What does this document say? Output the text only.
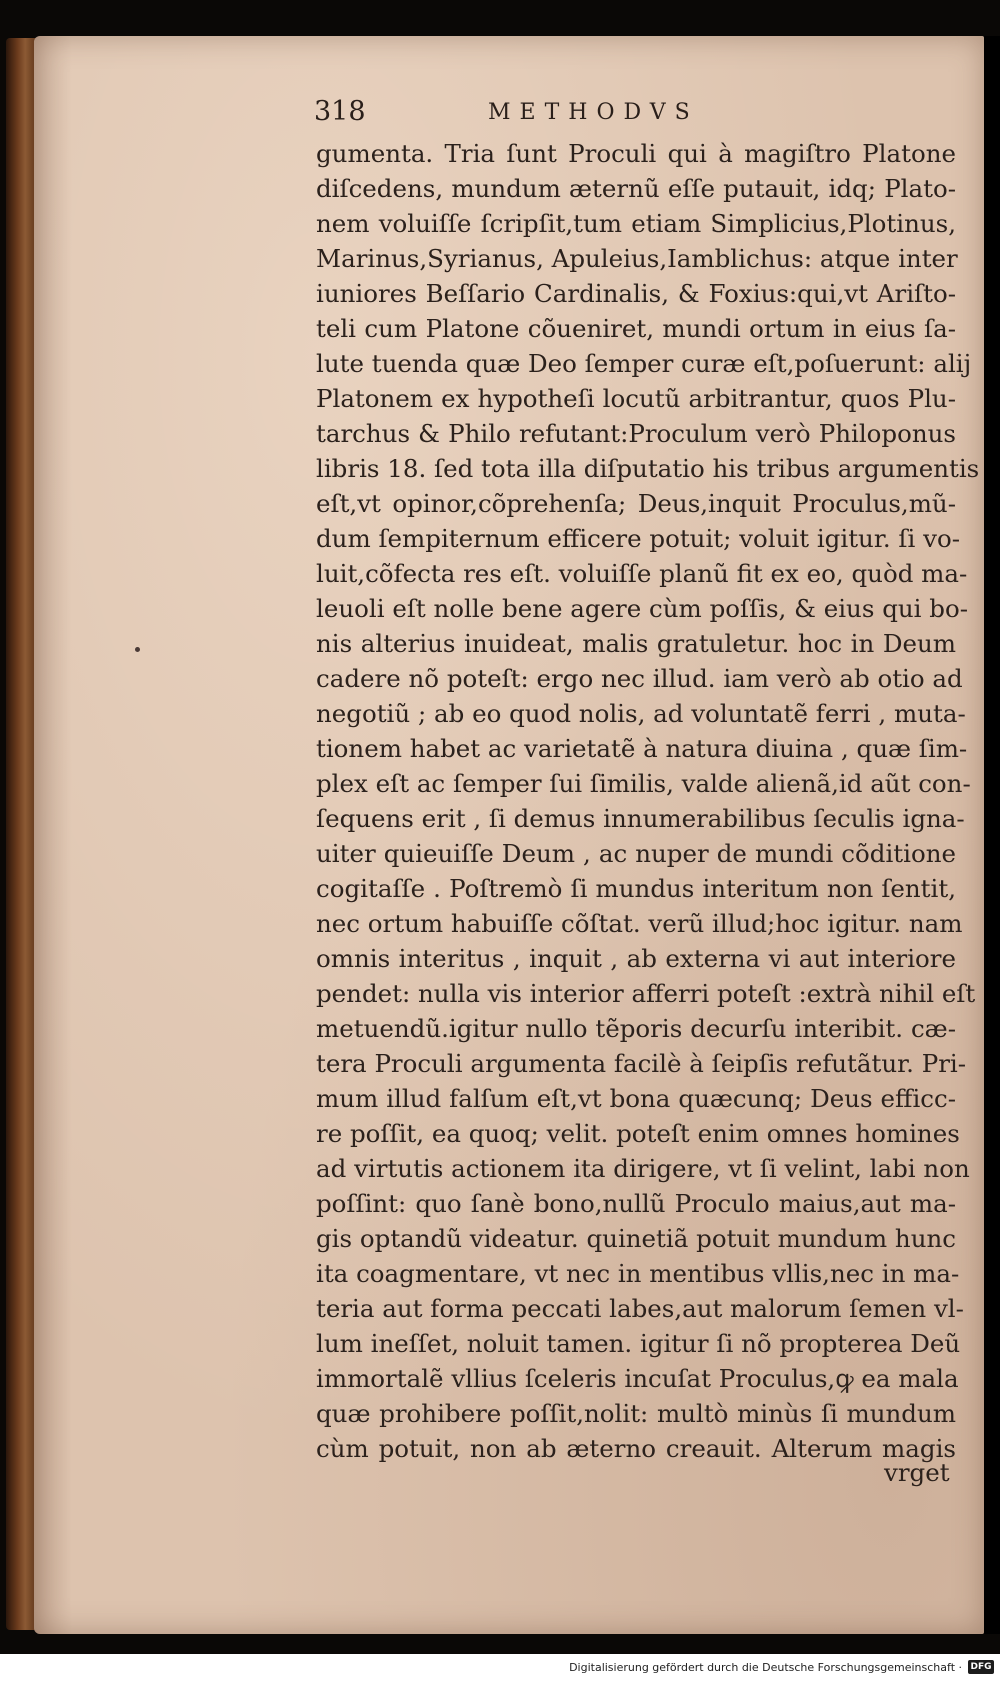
318	METHODVS
gumenta. Tria ſunt Proculi qui à magiſtro Platone
diſcedens, mundum æternũ eſſe putauit, idq; Plato-
nem voluiſſe ſcripſit,tum etiam Simplicius,Plotinus,
Marinus,Syrianus, Apuleius,Iamblichus: atque inter
iuniores Beſſario Cardinalis, & Foxius:qui,vt Ariſto-
teli cum Platone cõueniret, mundi ortum in eius ſa-
lute tuenda quæ Deo ſemper curæ eſt,poſuerunt: alij
Platonem ex hypotheſi locutũ arbitrantur, quos Plu-
tarchus & Philo refutant:Proculum verò Philoponus
libris 18. ſed tota illa diſputatio his tribus argumentis
eſt,vt opinor,cõprehenſa; Deus,inquit Proculus,mũ-
dum ſempiternum efficere potuit; voluit igitur. ſi vo-
luit,cõfecta res eſt. voluiſſe planũ fit ex eo, quòd ma-
leuoli eſt nolle bene agere cùm poſſis, & eius qui bo-
nis alterius inuideat, malis gratuletur. hoc in Deum
cadere nõ poteſt: ergo nec illud. iam verò ab otio ad
negotiũ ; ab eo quod nolis, ad voluntatẽ ferri , muta-
tionem habet ac varietatẽ à natura diuina , quæ ſim-
plex eſt ac ſemper ſui ſimilis, valde alienã,id aũt con-
ſequens erit , ſi demus innumerabilibus ſeculis igna-
uiter quieuiſſe Deum , ac nuper de mundi cõditione
cogitaſſe . Poſtremò ſi mundus interitum non ſentit,
nec ortum habuiſſe cõſtat. verũ illud;hoc igitur. nam
omnis interitus , inquit , ab externa vi aut interiore
pendet: nulla vis interior afferri poteſt :extrà nihil eſt
metuendũ.igitur nullo tẽporis decurſu interibit. cæ-
tera Proculi argumenta facilè à ſeipſis refutãtur. Pri-
mum illud falſum eſt,vt bona quæcunq; Deus efficc-
re poſſit, ea quoq; velit. poteſt enim omnes homines
ad virtutis actionem ita dirigere, vt ſi velint, labi non
poſſint: quo ſanè bono,nullũ Proculo maius,aut ma-
gis optandũ videatur. quinetiã potuit mundum hunc
ita coagmentare, vt nec in mentibus vllis,nec in ma-
teria aut forma peccati labes,aut malorum ſemen vl-
lum ineſſet, noluit tamen. igitur ſi nõ propterea Deũ
immortalẽ vllius ſceleris incuſat Proculus,ꝙ ea mala
quæ prohibere poſſit,nolit: multò minùs ſi mundum
cùm potuit, non ab æterno creauit. Alterum magis
vrget
Digitalisierung gefördert durch die Deutsche Forschungsgemeinschaft · DFG
